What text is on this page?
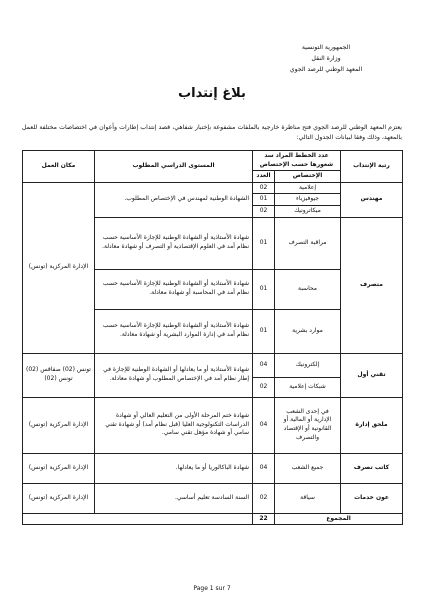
الجمهورية التونسية
وزارة النقل
المعهد الوطني للرصد الجوي
بلاغ إنتداب
يعتزم المعهد الوطني للرصد الجوي فتح مناظرة خارجية بالملفات مشفوعة بإختبار شفاهي، قصد إنتداب إطارات وأعوان في اختصاصات مختلفة للعمل بالمعهد، وذلك وفقا لبيانات الجدول التالي:
رتبة الإنتداب	عدد الخطط المراد سد شغورها حسب الإختصاص		المستوى الدراسي المطلوب	مكان العمل
	الإختصاص	العدد		
مهندس	إعلامية	02	الشهادة الوطنية لمهندس في الإختصاص المطلوب.	الإدارة المركزية (تونس)
	جيوفيزياء	01		
	ميكاترونيك	02		
متصرف	مراقبة التصرف	01	شهادة الأستاذية أو الشهادة الوطنية للإجازة الأساسية حسب نظام أمد في العلوم الإقتصادية أو التصرف أو شهادة معادلة.	
	محاسبة	01	شهادة الأستاذية أو الشهادة الوطنية للإجازة الأساسية حسب نظام أمد في المحاسبة أو شهادة معادلة.	
	موارد بشرية	01	شهادة الأستاذية أو الشهادة الوطنية للإجازة الأساسية حسب نظام أمد في إدارة الموارد البشرية أو شهادة معادلة.	
تقني أول	إلكترونيك	04	شهادة الأستاذية أو ما يعادلها أو الشهادة الوطنية للإجازة في إطار نظام أمد في الإختصاص المطلوب أو شهادة معادلة.	تونس (02) صفاقس (02) تونس (02)
	شبكات إعلامية	02		
ملحق إدارة	في إحدى الشعب الإدارية أو المالية أو القانونية أو الإقتصاد والتصرف	04	شهادة ختم المرحلة الأولى من التعليم العالي أو شهادة الدراسات التكنولوجية العليا (قبل نظام أمد) أو شهادة تقني سامي أو شهادة مؤهل تقني سامي.	الإدارة المركزية (تونس)
كاتب تصرف	جميع الشعب	04	شهادة الباكالوريا أو ما يعادلها.	الإدارة المركزية (تونس)
عون خدمات	سياقة	02	السنة السادسة تعليم أساسي.	الإدارة المركزية (تونس)
المجموع		22		
Page 1 sur 7
